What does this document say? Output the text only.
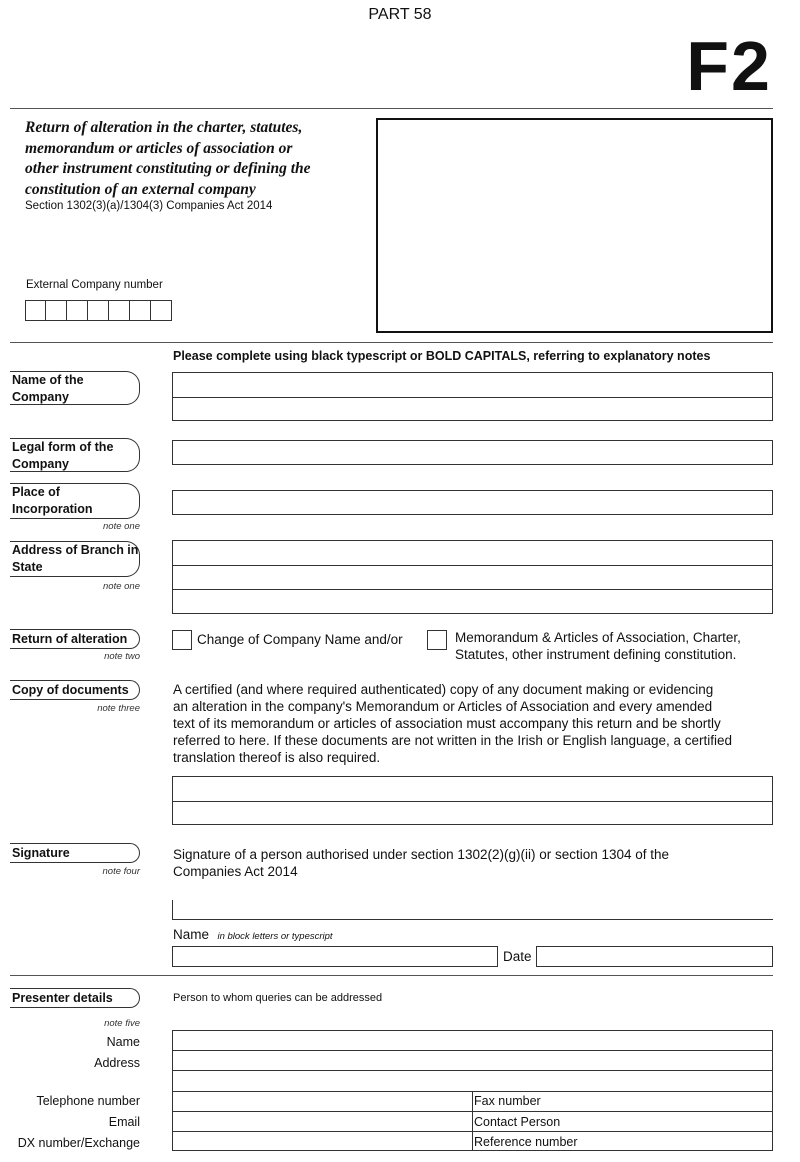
PART 58
F2
Return of alteration in the charter, statutes,
memorandum or articles of association or
other instrument constituting or defining the
constitution of an external company
Section 1302(3)(a)/1304(3) Companies Act 2014
External Company number
Please complete using black typescript or BOLD CAPITALS, referring to explanatory notes
Name of the Company
Legal form of the Company
Place of Incorporation
note one
Address of Branch in State
note one
Return of alteration
note two
Change of Company Name and/or	Memorandum & Articles of Association, Charter,
Statutes, other instrument defining constitution.
Copy of documents
note three
A certified (and where required authenticated) copy of any document making or evidencing
an alteration in the company's Memorandum or Articles of Association and every amended
text of its memorandum or articles of association must accompany this return and be shortly
referred to here. If these documents are not written in the Irish or English language, a certified
translation thereof is also required.
Signature
note four
Signature of a person authorised under section 1302(2)(g)(ii) or section 1304 of the
Companies Act 2014
Name in block letters or typescript
Date
Presenter details	Person to whom queries can be addressed
note five
Name
Address
Telephone number
Email
DX number/Exchange
Fax number
Contact Person
Reference number
